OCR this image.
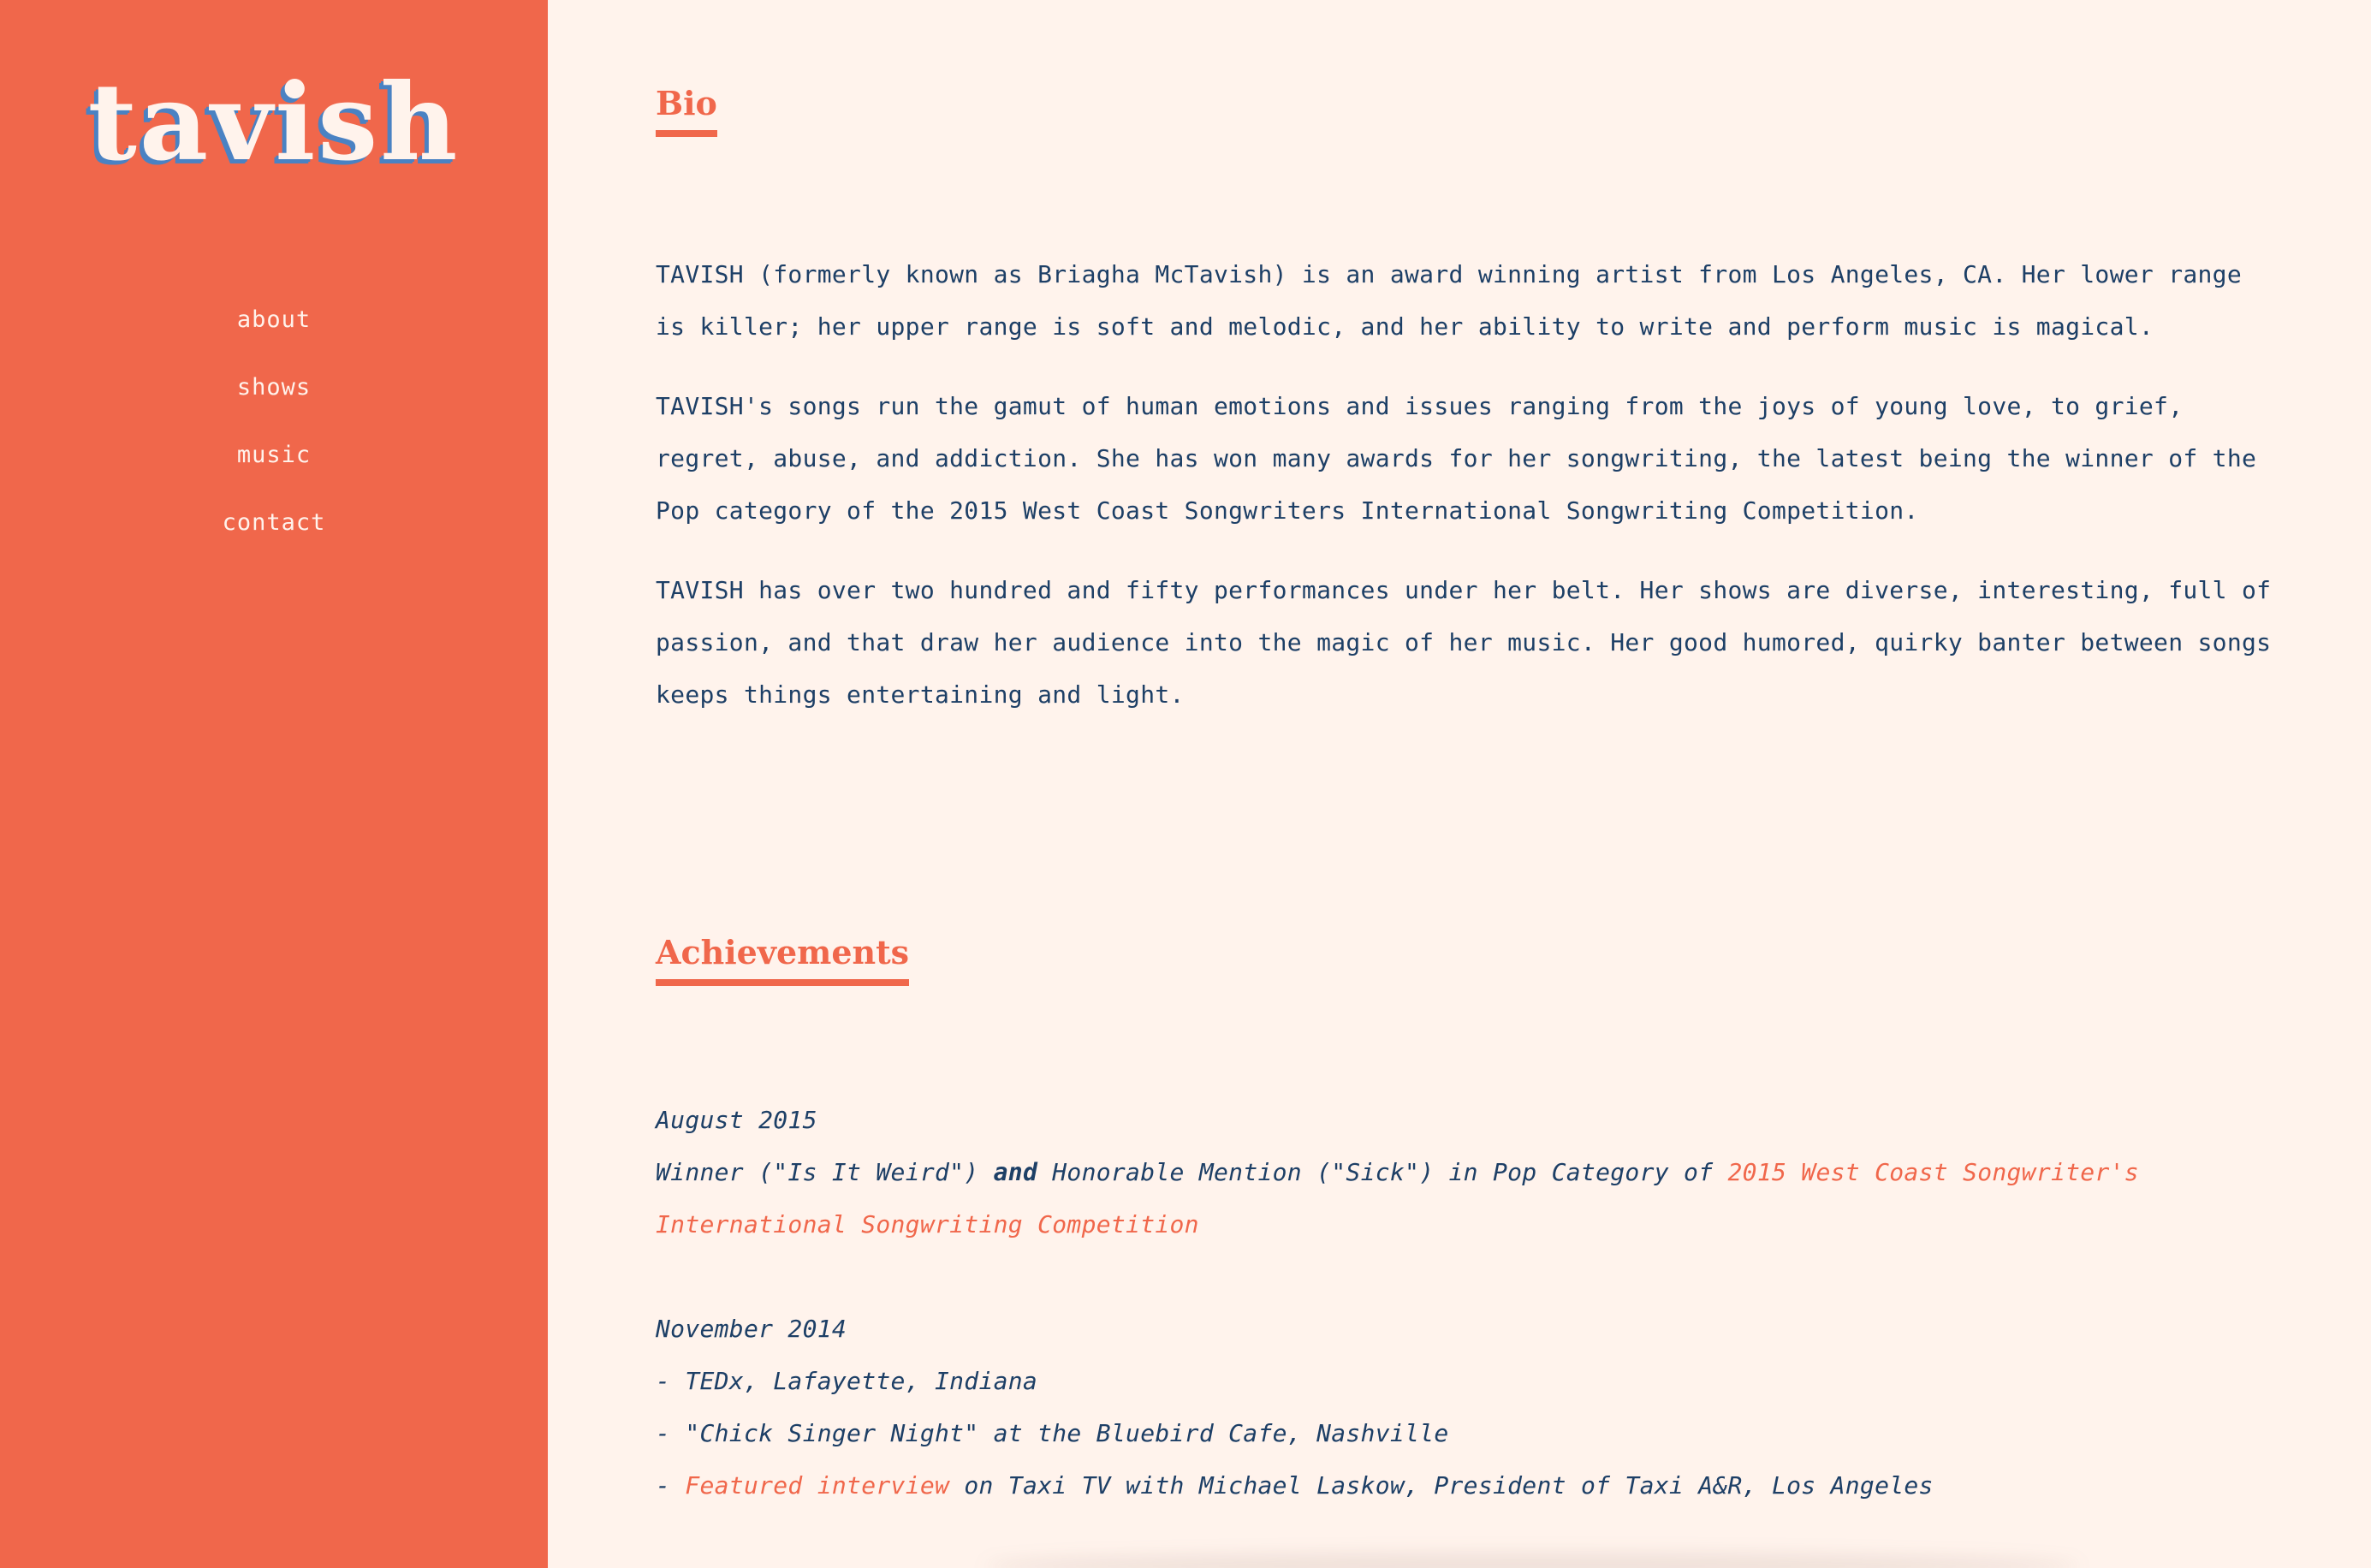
tavish
about
shows
music
contact
Bio

TAVISH (formerly known as Briagha McTavish) is an award winning artist from Los Angeles, CA. Her lower range is killer; her upper range is soft and melodic, and her ability to write and perform music is magical.

TAVISH's songs run the gamut of human emotions and issues ranging from the joys of young love, to grief, regret, abuse, and addiction. She has won many awards for her songwriting, the latest being the winner of the Pop category of the 2015 West Coast Songwriters International Songwriting Competition.

TAVISH has over two hundred and fifty performances under her belt. Her shows are diverse, interesting, full of passion, and that draw her audience into the magic of her music. Her good humored, quirky banter between songs keeps things entertaining and light.

Achievements
August 2015
Winner ("Is It Weird") and Honorable Mention ("Sick") in Pop Category of 2015 West Coast Songwriter's International Songwriting Competition
November 2014
- TEDx, Lafayette, Indiana
- "Chick Singer Night" at the Bluebird Cafe, Nashville
- Featured interview on Taxi TV with Michael Laskow, President of Taxi A&R, Los Angeles
